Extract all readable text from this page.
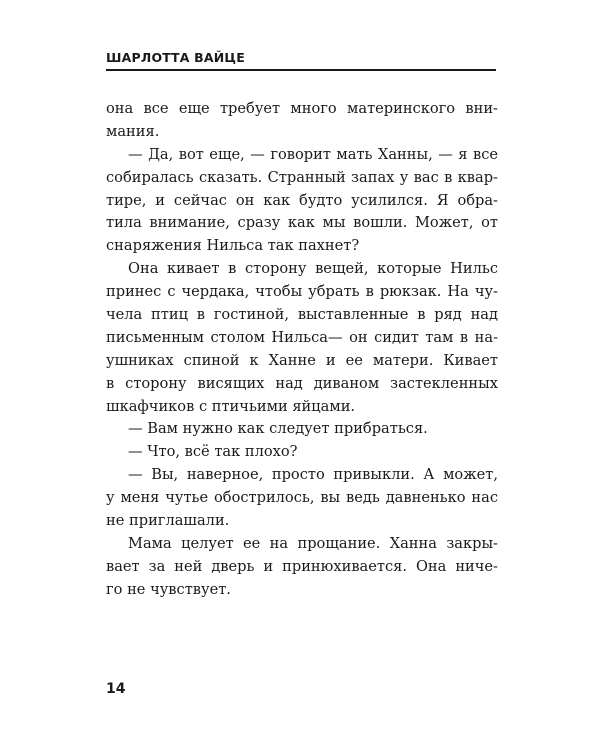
ШАРЛОТТА ВАЙЦЕ
она все еще требует много материнского вни-
мания.
— Да, вот еще, — говорит мать Ханны, — я все
собиралась сказать. Странный запах у вас в квар-
тире, и сейчас он как будто усилился. Я обра-
тила внимание, сразу как мы вошли. Может, от
снаряжения Нильса так пахнет?
Она кивает в сторону вещей, которые Нильс
принес с чердака, чтобы убрать в рюкзак. На чу-
чела птиц в гостиной, выставленные в ряд над
письменным столом Нильса— он сидит там в на-
ушниках спиной к Ханне и ее матери. Кивает
в сторону висящих над диваном застекленных
шкафчиков с птичьими яйцами.
— Вам нужно как следует прибраться.
— Что, всё так плохо?
— Вы, наверное, просто привыкли. А может,
у меня чутье обострилось, вы ведь давненько нас
не приглашали.
Мама целует ее на прощание. Ханна закры-
вает за ней дверь и принюхивается. Она ниче-
го не чувствует.
14
